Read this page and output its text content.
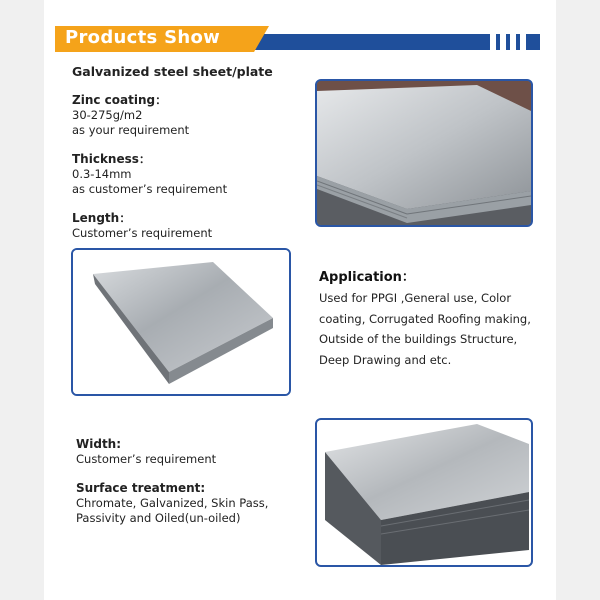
Products Show
Galvanized steel sheet/plate
Zinc coating：
30-275g/m2
as your requirement
Thickness：
0.3-14mm
as customer’s requirement
Length：
Customer’s requirement
Application：
Used for PPGI ,General use, Color
coating, Corrugated Roofing making,
Outside of the buildings Structure,
Deep Drawing and etc.
Width:
Customer’s requirement
Surface treatment:
Chromate, Galvanized, Skin Pass,
Passivity and Oiled(un-oiled)
